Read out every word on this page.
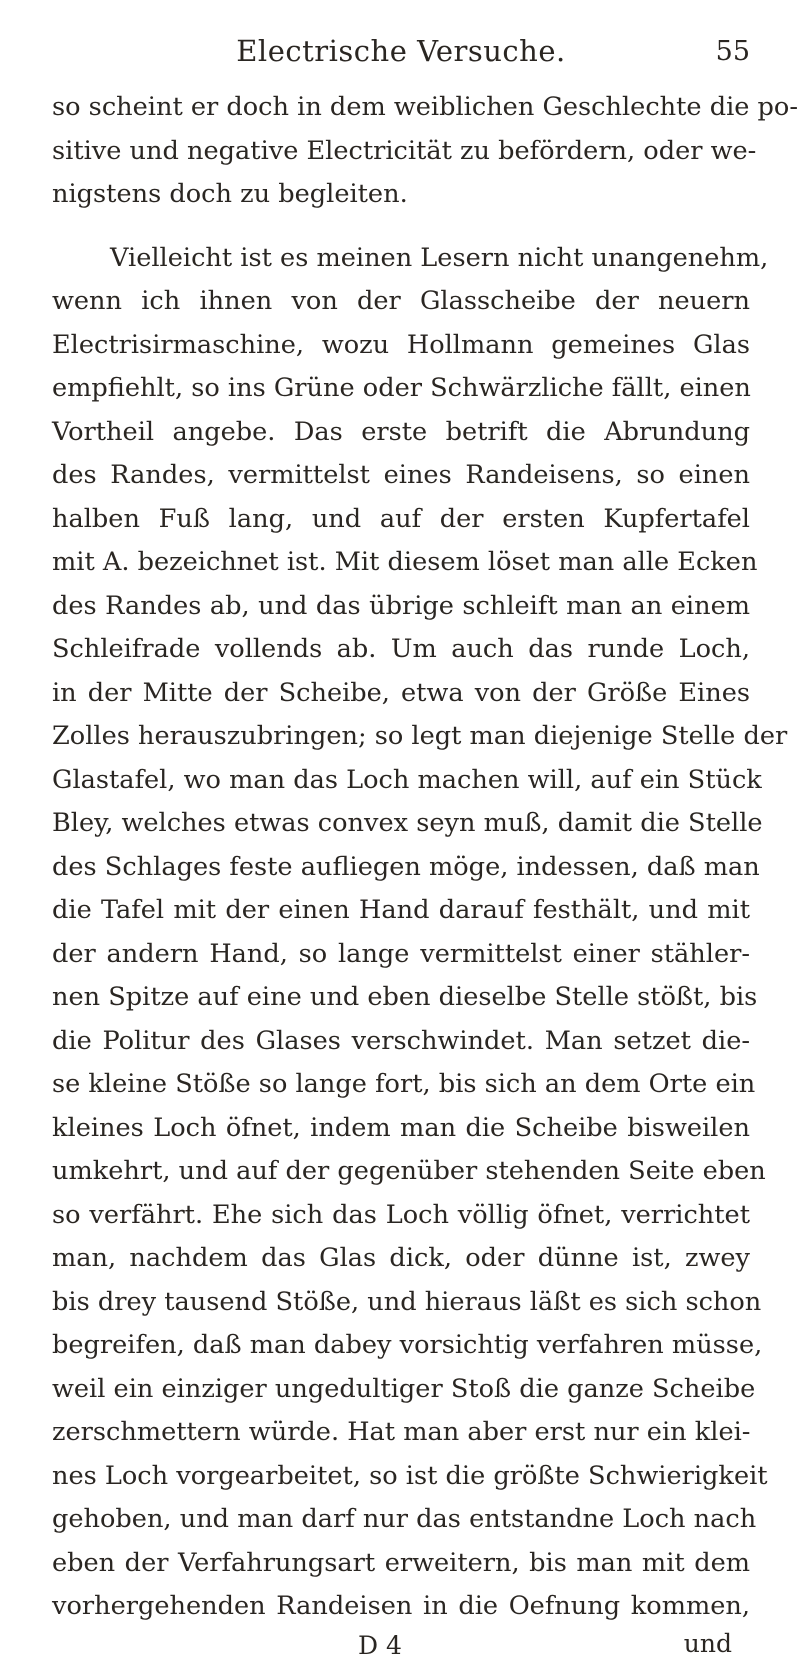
Electrische Versuche.	55
so scheint er doch in dem weiblichen Geschlechte die po-
sitive und negative Electricität zu befördern, oder we-
nigstens doch zu begleiten.
Vielleicht ist es meinen Lesern nicht unangenehm,
wenn ich ihnen von der Glasscheibe der neuern
Electrisirmaschine, wozu Hollmann gemeines Glas
empfiehlt, so ins Grüne oder Schwärzliche fällt, einen
Vortheil angebe. Das erste betrift die Abrundung
des Randes, vermittelst eines Randeisens, so einen
halben Fuß lang, und auf der ersten Kupfertafel
mit A. bezeichnet ist. Mit diesem löset man alle Ecken
des Randes ab, und das übrige schleift man an einem
Schleifrade vollends ab. Um auch das runde Loch,
in der Mitte der Scheibe, etwa von der Größe Eines
Zolles herauszubringen; so legt man diejenige Stelle der
Glastafel, wo man das Loch machen will, auf ein Stück
Bley, welches etwas convex seyn muß, damit die Stelle
des Schlages feste aufliegen möge, indessen, daß man
die Tafel mit der einen Hand darauf festhält, und mit
der andern Hand, so lange vermittelst einer stähler-
nen Spitze auf eine und eben dieselbe Stelle stößt, bis
die Politur des Glases verschwindet. Man setzet die-
se kleine Stöße so lange fort, bis sich an dem Orte ein
kleines Loch öfnet, indem man die Scheibe bisweilen
umkehrt, und auf der gegenüber stehenden Seite eben
so verfährt. Ehe sich das Loch völlig öfnet, verrichtet
man, nachdem das Glas dick, oder dünne ist, zwey
bis drey tausend Stöße, und hieraus läßt es sich schon
begreifen, daß man dabey vorsichtig verfahren müsse,
weil ein einziger ungedultiger Stoß die ganze Scheibe
zerschmettern würde. Hat man aber erst nur ein klei-
nes Loch vorgearbeitet, so ist die größte Schwierigkeit
gehoben, und man darf nur das entstandne Loch nach
eben der Verfahrungsart erweitern, bis man mit dem
vorhergehenden Randeisen in die Oefnung kommen,
D 4	und
